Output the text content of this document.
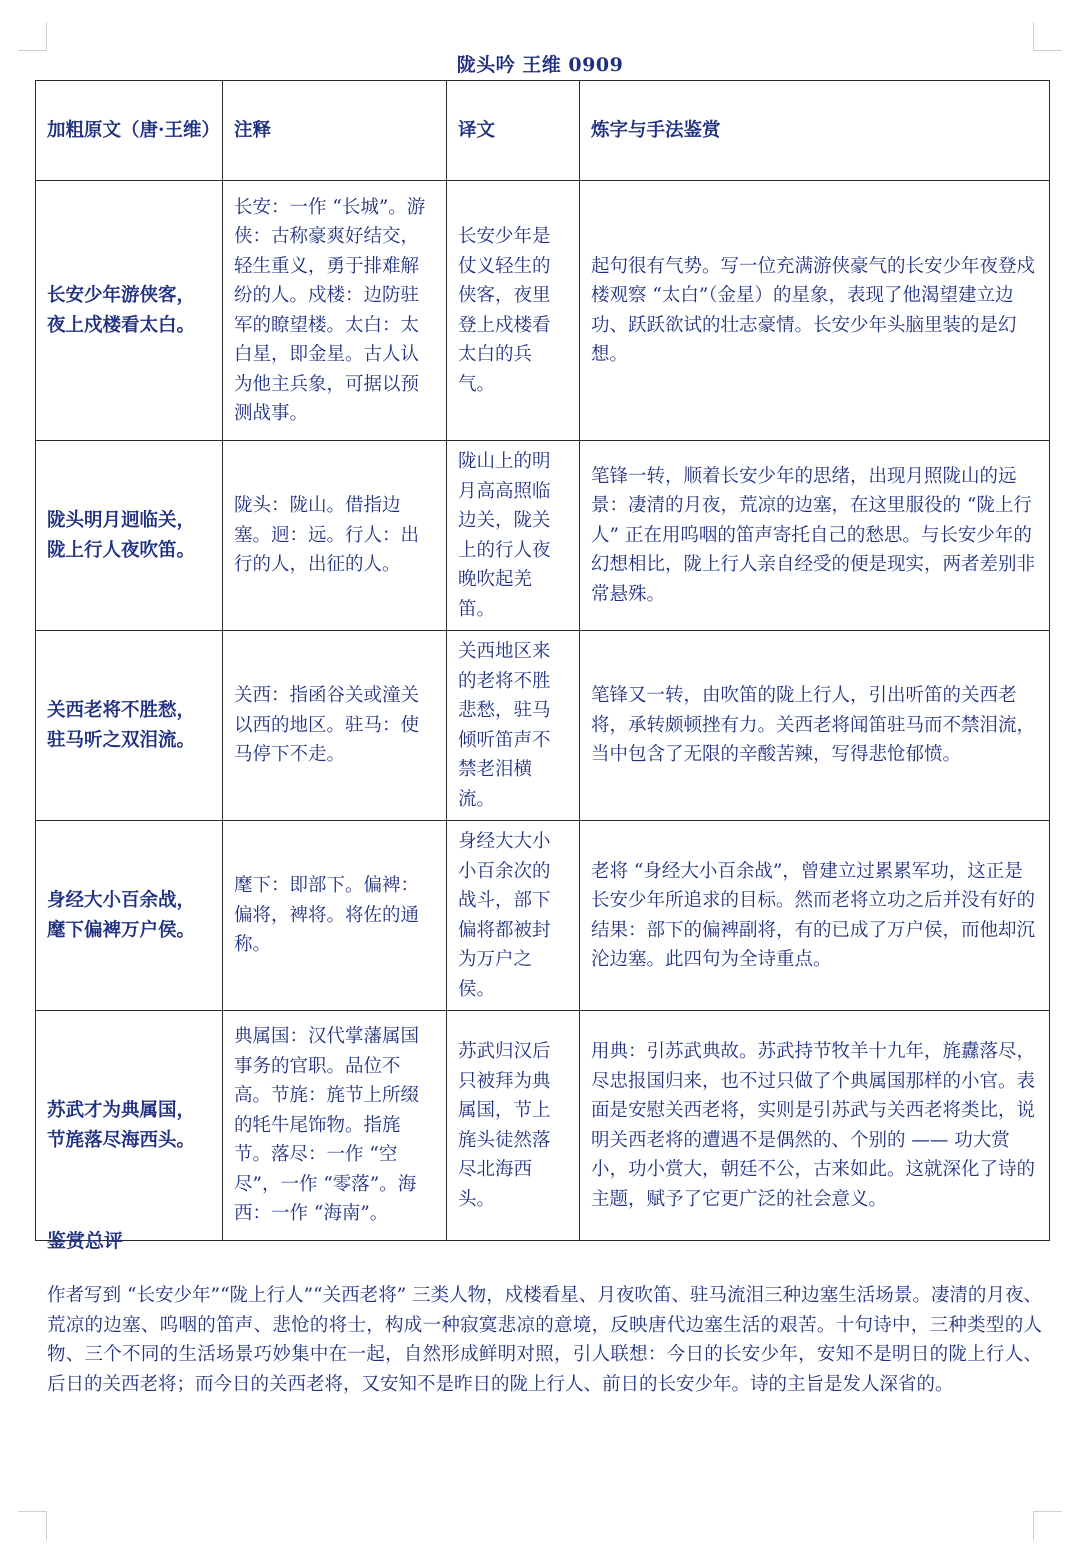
陇头吟 王维 0909
加粗原文（唐·王维）	注释	译文	炼字与手法鉴赏
长安少年游侠客，夜上戍楼看太白。	长安：一作 “长城”。游侠：古称豪爽好结交，轻生重义，勇于排难解纷的人。戍楼：边防驻军的瞭望楼。太白：太白星，即金星。古人认为他主兵象，可据以预测战事。	长安少年是仗义轻生的侠客，夜里登上戍楼看太白的兵气。	起句很有气势。写一位充满游侠豪气的长安少年夜登戍楼观察 “太白”（金星）的星象，表现了他渴望建立边功、跃跃欲试的壮志豪情。长安少年头脑里装的是幻想。
陇头明月迥临关，陇上行人夜吹笛。	陇头：陇山。借指边塞。迥：远。行人：出行的人，出征的人。	陇山上的明月高高照临边关，陇关上的行人夜晚吹起羌笛。	笔锋一转，顺着长安少年的思绪，出现月照陇山的远景：凄清的月夜，荒凉的边塞，在这里服役的 “陇上行人” 正在用呜咽的笛声寄托自己的愁思。与长安少年的幻想相比，陇上行人亲自经受的便是现实，两者差别非常悬殊。
关西老将不胜愁，驻马听之双泪流。	关西：指函谷关或潼关以西的地区。驻马：使马停下不走。	关西地区来的老将不胜悲愁，驻马倾听笛声不禁老泪横流。	笔锋又一转，由吹笛的陇上行人，引出听笛的关西老将，承转颇顿挫有力。关西老将闻笛驻马而不禁泪流，当中包含了无限的辛酸苦辣，写得悲怆郁愤。
身经大小百余战，麾下偏裨万户侯。	麾下：即部下。偏裨：偏将，裨将。将佐的通称。	身经大大小小百余次的战斗，部下偏将都被封为万户之侯。	老将 “身经大小百余战”，曾建立过累累军功，这正是长安少年所追求的目标。然而老将立功之后并没有好的结果：部下的偏裨副将，有的已成了万户侯，而他却沉沦边塞。此四句为全诗重点。
苏武才为典属国，节旄落尽海西头。	典属国：汉代掌藩属国事务的官职。品位不高。节旄：旄节上所缀的牦牛尾饰物。指旄节。落尽：一作 “空尽”，一作 “零落”。海西：一作 “海南”。	苏武归汉后只被拜为典属国，节上旄头徒然落尽北海西头。	用典：引苏武典故。苏武持节牧羊十九年，旄纛落尽，尽忠报国归来，也不过只做了个典属国那样的小官。表面是安慰关西老将，实则是引苏武与关西老将类比，说明关西老将的遭遇不是偶然的、个别的 —— 功大赏小，功小赏大，朝廷不公，古来如此。这就深化了诗的主题，赋予了它更广泛的社会意义。
鉴赏总评
作者写到 “长安少年”“陇上行人”“关西老将” 三类人物，戍楼看星、月夜吹笛、驻马流泪三种边塞生活场景。凄清的月夜、荒凉的边塞、呜咽的笛声、悲怆的将士，构成一种寂寞悲凉的意境，反映唐代边塞生活的艰苦。十句诗中，三种类型的人物、三个不同的生活场景巧妙集中在一起，自然形成鲜明对照，引人联想：今日的长安少年，安知不是明日的陇上行人、后日的关西老将；而今日的关西老将，又安知不是昨日的陇上行人、前日的长安少年。诗的主旨是发人深省的。
